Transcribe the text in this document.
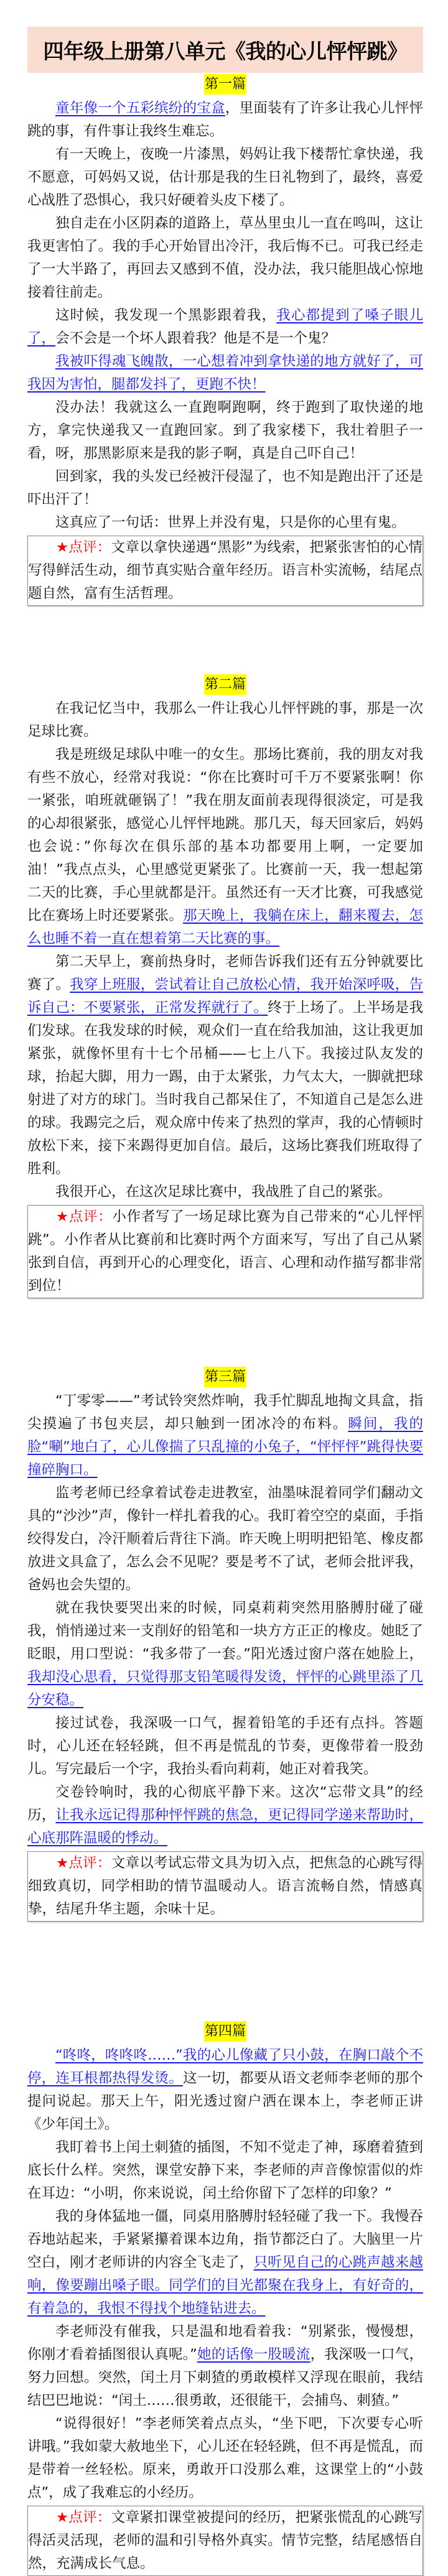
四年级上册第八单元《我的心儿怦怦跳》
第一篇

童年像一个五彩缤纷的宝盒，里面装有了许多让我心儿怦怦跳的事，有件事让我终生难忘。

有一天晚上，夜晚一片漆黑，妈妈让我下楼帮忙拿快递，我不愿意，可妈妈又说，估计那是我的生日礼物到了，最终，喜爱心战胜了恐惧心，我只好硬着头皮下楼了。

独自走在小区阴森的道路上，草丛里虫儿一直在鸣叫，这让我更害怕了。我的手心开始冒出冷汗，我后悔不已。可我已经走了一大半路了，再回去又感到不值，没办法，我只能胆战心惊地接着往前走。

这时候，我发现一个黑影跟着我，我心都提到了嗓子眼儿了，会不会是一个坏人跟着我？他是不是一个鬼？

我被吓得魂飞魄散，一心想着冲到拿快递的地方就好了，可我因为害怕，腿都发抖了，更跑不快！

没办法！我就这么一直跑啊跑啊，终于跑到了取快递的地方，拿完快递我又一直跑回家。到了我家楼下，我壮着胆子一看，呀，那黑影原来是我的影子啊，真是自己吓自己！

回到家，我的头发已经被汗侵湿了，也不知是跑出汗了还是吓出汗了！

这真应了一句话：世界上并没有鬼，只是你的心里有鬼。

★点评：文章以拿快递遇“黑影”为线索，把紧张害怕的心情写得鲜活生动，细节真实贴合童年经历。语言朴实流畅，结尾点题自然，富有生活哲理。

第二篇

在我记忆当中，我那么一件让我心儿怦怦跳的事，那是一次足球比赛。

我是班级足球队中唯一的女生。那场比赛前，我的朋友对我有些不放心，经常对我说：“你在比赛时可千万不要紧张啊！你一紧张，咱班就砸锅了！”我在朋友面前表现得很淡定，可是我的心却很紧张，感觉心儿怦怦地跳。那几天，每天回家后，妈妈也会说：”你每次在俱乐部的基本功都要用上啊，一定要加油！”我点点头，心里感觉更紧张了。比赛前一天，我一想起第二天的比赛，手心里就都是汗。虽然还有一天才比赛，可我感觉比在赛场上时还要紧张。那天晚上，我躺在床上，翻来覆去，怎么也睡不着一直在想着第二天比赛的事。

第二天早上，赛前热身时，老师告诉我们还有五分钟就要比赛了。我穿上班服，尝试着让自己放松心情，我开始深呼吸，告诉自己：不要紧张，正常发挥就行了。终于上场了。上半场是我们发球。在我发球的时候，观众们一直在给我加油，这让我更加紧张，就像怀里有十七个吊桶——七上八下。我接过队友发的球，抬起大脚，用力一踢，由于太紧张，力气太大，一脚就把球射进了对方的球门。当时我自己都呆住了，不知道自己是怎么进的球。我踢完之后，观众席中传来了热烈的掌声，我的心情顿时放松下来，接下来踢得更加自信。最后，这场比赛我们班取得了胜利。

我很开心，在这次足球比赛中，我战胜了自己的紧张。

★点评：小作者写了一场足球比赛为自己带来的“心儿怦怦跳”。小作者从比赛前和比赛时两个方面来写，写出了自己从紧张到自信，再到开心的心理变化，语言、心理和动作描写都非常到位！

第三篇

“丁零零——”考试铃突然炸响，我手忙脚乱地掏文具盒，指尖摸遍了书包夹层，却只触到一团冰冷的布料。瞬间，我的脸“唰”地白了，心儿像揣了只乱撞的小兔子，“怦怦怦”跳得快要撞碎胸口。

监考老师已经拿着试卷走进教室，油墨味混着同学们翻动文具的“沙沙”声，像针一样扎着我的心。我盯着空空的桌面，手指绞得发白，冷汗顺着后背往下淌。昨天晚上明明把铅笔、橡皮都放进文具盒了，怎么会不见呢？要是考不了试，老师会批评我，爸妈也会失望的。

就在我快要哭出来的时候，同桌莉莉突然用胳膊肘碰了碰我，悄悄递过来一支削好的铅笔和一块方方正正的橡皮。她眨了眨眼，用口型说：“我多带了一套。”阳光透过窗户落在她脸上，我却没心思看，只觉得那支铅笔暖得发烫，怦怦的心跳里添了几分安稳。

接过试卷，我深吸一口气，握着铅笔的手还有点抖。答题时，心儿还在轻轻跳，但不再是慌乱的节奏，更像带着一股劲儿。写完最后一个字，我抬头看向莉莉，她正对着我笑。

交卷铃响时，我的心彻底平静下来。这次“忘带文具”的经历，让我永远记得那种怦怦跳的焦急，更记得同学递来帮助时，心底那阵温暖的悸动。

★点评：文章以考试忘带文具为切入点，把焦急的心跳写得细致真切，同学相助的情节温暖动人。语言流畅自然，情感真挚，结尾升华主题，余味十足。

第四篇

“咚咚，咚咚咚……”我的心儿像藏了只小鼓，在胸口敲个不停，连耳根都热得发烫。这一切，都要从语文老师李老师的那个提问说起。那天上午，阳光透过窗户洒在课本上，李老师正讲《少年闰土》。

我盯着书上闰土刺猹的插图，不知不觉走了神，琢磨着猹到底长什么样。突然，课堂安静下来，李老师的声音像惊雷似的炸在耳边：“小明，你来说说，闰土给你留下了怎样的印象？”

我的身体猛地一僵，同桌用胳膊肘轻轻碰了我一下。我慢吞吞地站起来，手紧紧攥着课本边角，指节都泛白了。大脑里一片空白，刚才老师讲的内容全飞走了，只听见自己的心跳声越来越响，像要蹦出嗓子眼。同学们的目光都聚在我身上，有好奇的，有着急的，我恨不得找个地缝钻进去。

李老师没有催我，只是温和地看着我：“别紧张，慢慢想，你刚才看着插图很认真呢。”她的话像一股暖流，我深吸一口气，努力回想。突然，闰土月下刺猹的勇敢模样又浮现在眼前，我结结巴巴地说：“闰土……很勇敢，还很能干，会捕鸟、刺猹。”

“说得很好！”李老师笑着点点头，“坐下吧，下次要专心听讲哦。”我如蒙大赦地坐下，心儿还在轻轻跳，但不再是慌乱，而是带着一丝轻松。原来，勇敢开口没那么难，这课堂上的“小鼓点”，成了我难忘的小经历。

★点评：文章紧扣课堂被提问的经历，把紧张慌乱的心跳写得活灵活现，老师的温和引导格外真实。情节完整，结尾感悟自然，充满成长气息。
